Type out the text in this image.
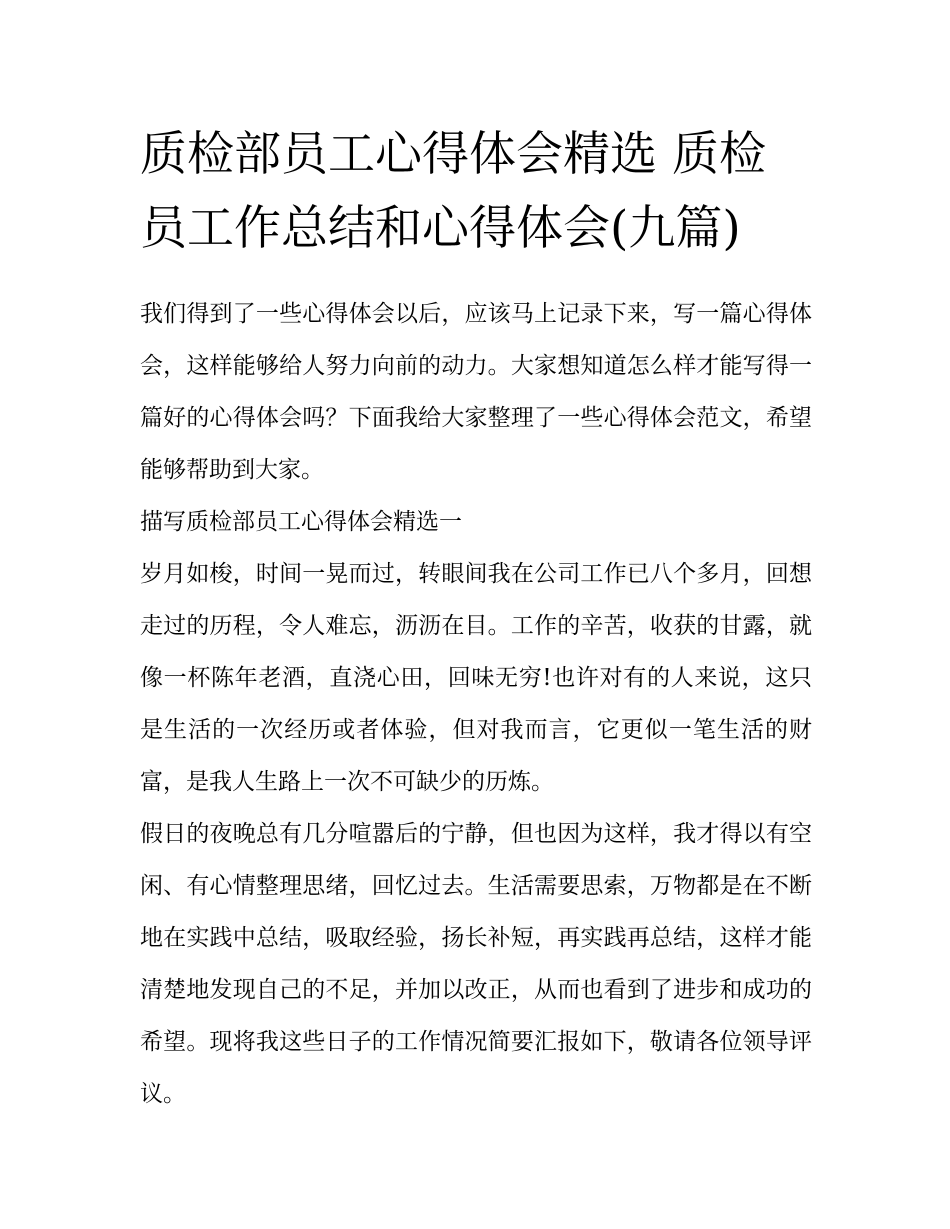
质检部员工心得体会精选 质检员工作总结和心得体会(九篇)

我们得到了一些心得体会以后，应该马上记录下来，写一篇心得体会，这样能够给人努力向前的动力。大家想知道怎么样才能写得一篇好的心得体会吗？下面我给大家整理了一些心得体会范文，希望能够帮助到大家。

描写质检部员工心得体会精选一

岁月如梭，时间一晃而过，转眼间我在公司工作已八个多月，回想走过的历程，令人难忘，沥沥在目。工作的辛苦，收获的甘露，就像一杯陈年老酒，直浇心田，回味无穷!也许对有的人来说，这只是生活的一次经历或者体验，但对我而言，它更似一笔生活的财富，是我人生路上一次不可缺少的历炼。

假日的夜晚总有几分喧嚣后的宁静，但也因为这样，我才得以有空闲、有心情整理思绪，回忆过去。生活需要思索，万物都是在不断地在实践中总结，吸取经验，扬长补短，再实践再总结，这样才能清楚地发现自己的不足，并加以改正，从而也看到了进步和成功的希望。现将我这些日子的工作情况简要汇报如下，敬请各位领导评议。
